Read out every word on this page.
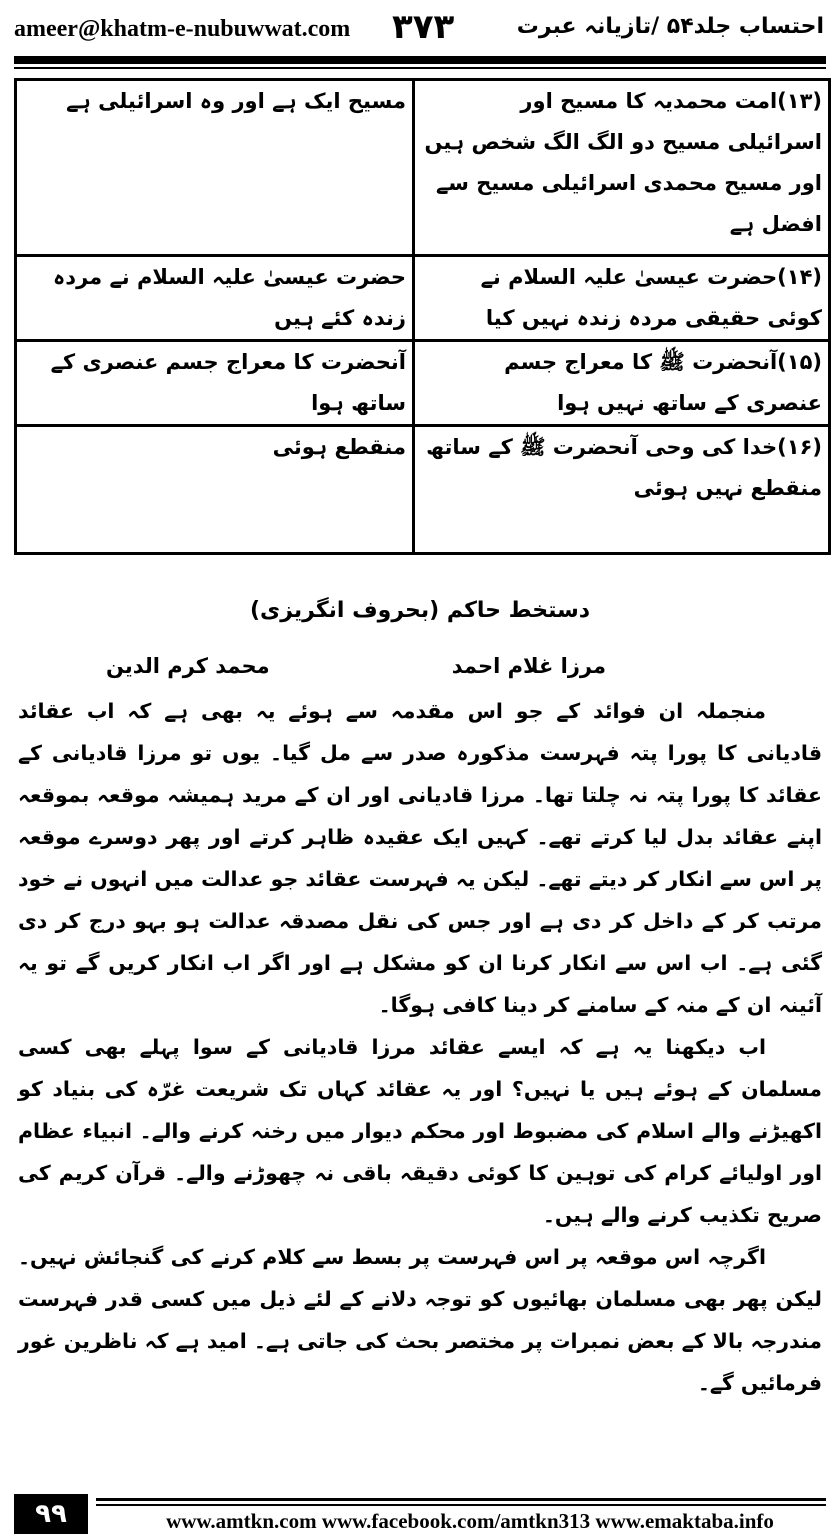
ameer@khatm-e-nubuwwat.com ۳۷۳	احتساب جلد۵۴ /تازیانہ عبرت
(۱۳)امت محمدیہ کا مسیح اور اسرائیلی مسیح دو الگ الگ شخص ہیں اور مسیح محمدی اسرائیلی مسیح سے افضل ہے	مسیح ایک ہے اور وہ اسرائیلی ہے
(۱۴)حضرت عیسیٰ علیہ السلام نے کوئی حقیقی مردہ زندہ نہیں کیا	حضرت عیسیٰ علیہ السلام نے مردہ زندہ کئے ہیں
(۱۵)آنحضرت ﷺ کا معراج جسم عنصری کے ساتھ نہیں ہوا	آنحضرت کا معراج جسم عنصری کے ساتھ ہوا
(۱۶)خدا کی وحی آنحضرت ﷺ کے ساتھ منقطع نہیں ہوئی	منقطع ہوئی
دستخط حاکم (بحروف انگریزی)
مرزا غلام احمد
محمد کرم الدین

منجملہ ان فوائد کے جو اس مقدمہ سے ہوئے یہ بھی ہے کہ اب عقائد قادیانی کا پورا پتہ فہرست مذکورہ صدر سے مل گیا۔ یوں تو مرزا قادیانی کے عقائد کا پورا پتہ نہ چلتا تھا۔ مرزا قادیانی اور ان کے مرید ہمیشہ موقعہ بموقعہ اپنے عقائد بدل لیا کرتے تھے۔ کہیں ایک عقیدہ ظاہر کرتے اور پھر دوسرے موقعہ پر اس سے انکار کر دیتے تھے۔ لیکن یہ فہرست عقائد جو عدالت میں انہوں نے خود مرتب کر کے داخل کر دی ہے اور جس کی نقل مصدقہ عدالت ہو بہو درج کر دی گئی ہے۔ اب اس سے انکار کرنا ان کو مشکل ہے اور اگر اب انکار کریں گے تو یہ آئینہ ان کے منہ کے سامنے کر دینا کافی ہوگا۔

اب دیکھنا یہ ہے کہ ایسے عقائد مرزا قادیانی کے سوا پہلے بھی کسی مسلمان کے ہوئے ہیں یا نہیں؟ اور یہ عقائد کہاں تک شریعت غرّہ کی بنیاد کو اکھیڑنے والے اسلام کی مضبوط اور محکم دیوار میں رخنہ کرنے والے۔ انبیاء عظام اور اولیائے کرام کی توہین کا کوئی دقیقہ باقی نہ چھوڑنے والے۔ قرآن کریم کی صریح تکذیب کرنے والے ہیں۔

اگرچہ اس موقعہ پر اس فہرست پر بسط سے کلام کرنے کی گنجائش نہیں۔ لیکن پھر بھی مسلمان بھائیوں کو توجہ دلانے کے لئے ذیل میں کسی قدر فہرست مندرجہ بالا کے بعض نمبرات پر مختصر بحث کی جاتی ہے۔ امید ہے کہ ناظرین غور فرمائیں گے۔

۹۹	www.amtkn.com www.facebook.com/amtkn313 www.emaktaba.info
